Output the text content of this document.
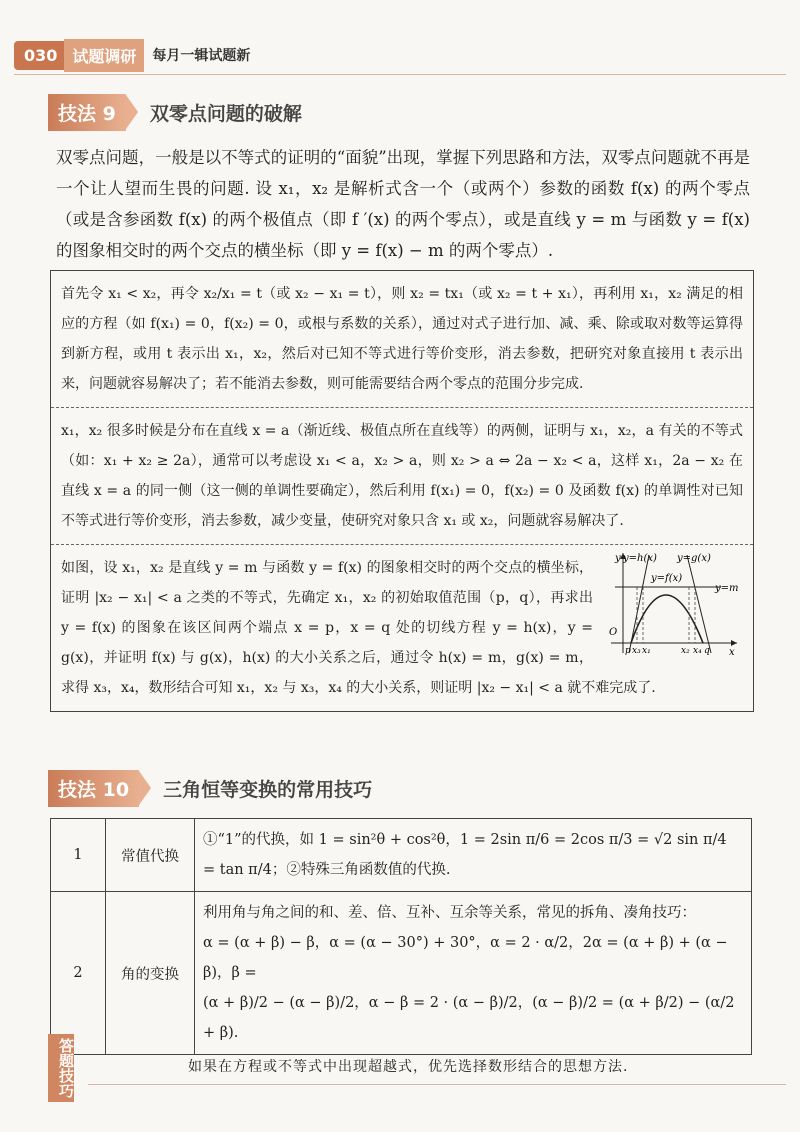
030 试题调研	每月一辑试题新
技法 9	双零点问题的破解
双零点问题，一般是以不等式的证明的“面貌”出现，掌握下列思路和方法，双零点问题就不再是一个让人望而生畏的问题. 设 x₁，x₂ 是解析式含一个（或两个）参数的函数 f(x) 的两个零点（或是含参函数 f(x) 的两个极值点（即 f ′(x) 的两个零点），或是直线 y = m 与函数 y = f(x) 的图象相交时的两个交点的横坐标（即 y = f(x) − m 的两个零点）.
首先令 x₁ < x₂，再令 x₂/x₁ = t（或 x₂ − x₁ = t），则 x₂ = tx₁（或 x₂ = t + x₁），再利用 x₁，x₂ 满足的相应的方程（如 f(x₁) = 0，f(x₂) = 0，或根与系数的关系），通过对式子进行加、减、乘、除或取对数等运算得到新方程，或用 t 表示出 x₁，x₂，然后对已知不等式进行等价变形，消去参数，把研究对象直接用 t 表示出来，问题就容易解决了；若不能消去参数，则可能需要结合两个零点的范围分步完成.
x₁，x₂ 很多时候是分布在直线 x = a（渐近线、极值点所在直线等）的两侧，证明与 x₁，x₂，a 有关的不等式（如：x₁ + x₂ ≥ 2a），通常可以考虑设 x₁ < a，x₂ > a，则 x₂ > a ⇔ 2a − x₂ < a，这样 x₁，2a − x₂ 在直线 x = a 的同一侧（这一侧的单调性要确定），然后利用 f(x₁) = 0，f(x₂) = 0 及函数 f(x) 的单调性对已知不等式进行等价变形，消去参数，减少变量，使研究对象只含 x₁ 或 x₂，问题就容易解决了.
y y=h(x) y=g(x)
y=f(x)
y=m
O
x
p x₃ x₁	x₂ x₄ q
如图，设 x₁，x₂ 是直线 y = m 与函数 y = f(x) 的图象相交时的两个交点的横坐标，证明 |x₂ − x₁| < a 之类的不等式，先确定 x₁，x₂ 的初始取值范围（p，q），再求出 y = f(x) 的图象在该区间两个端点 x = p，x = q 处的切线方程 y = h(x)，y = g(x)，并证明 f(x) 与 g(x)，h(x) 的大小关系之后，通过令 h(x) = m，g(x) = m，求得 x₃，x₄，数形结合可知 x₁，x₂ 与 x₃，x₄ 的大小关系，则证明 |x₂ − x₁| < a 就不难完成了.
技法 10	三角恒等变换的常用技巧
1	常值代换	①“1”的代换，如 1 = sin²θ + cos²θ，1 = 2sin π/6 = 2cos π/3 = √2 sin π/4 = tan π/4；②特殊三角函数值的代换.
2	角的变换	利用角与角之间的和、差、倍、互补、互余等关系，常见的拆角、凑角技巧：
α = (α + β) − β，α = (α − 30°) + 30°，α = 2 · α/2，2α = (α + β) + (α − β)，β =
(α + β)/2 − (α − β)/2，α − β = 2 · (α − β)/2，(α − β)/2 = (α + β/2) − (α/2 + β).
答题技巧	如果在方程或不等式中出现超越式，优先选择数形结合的思想方法.
